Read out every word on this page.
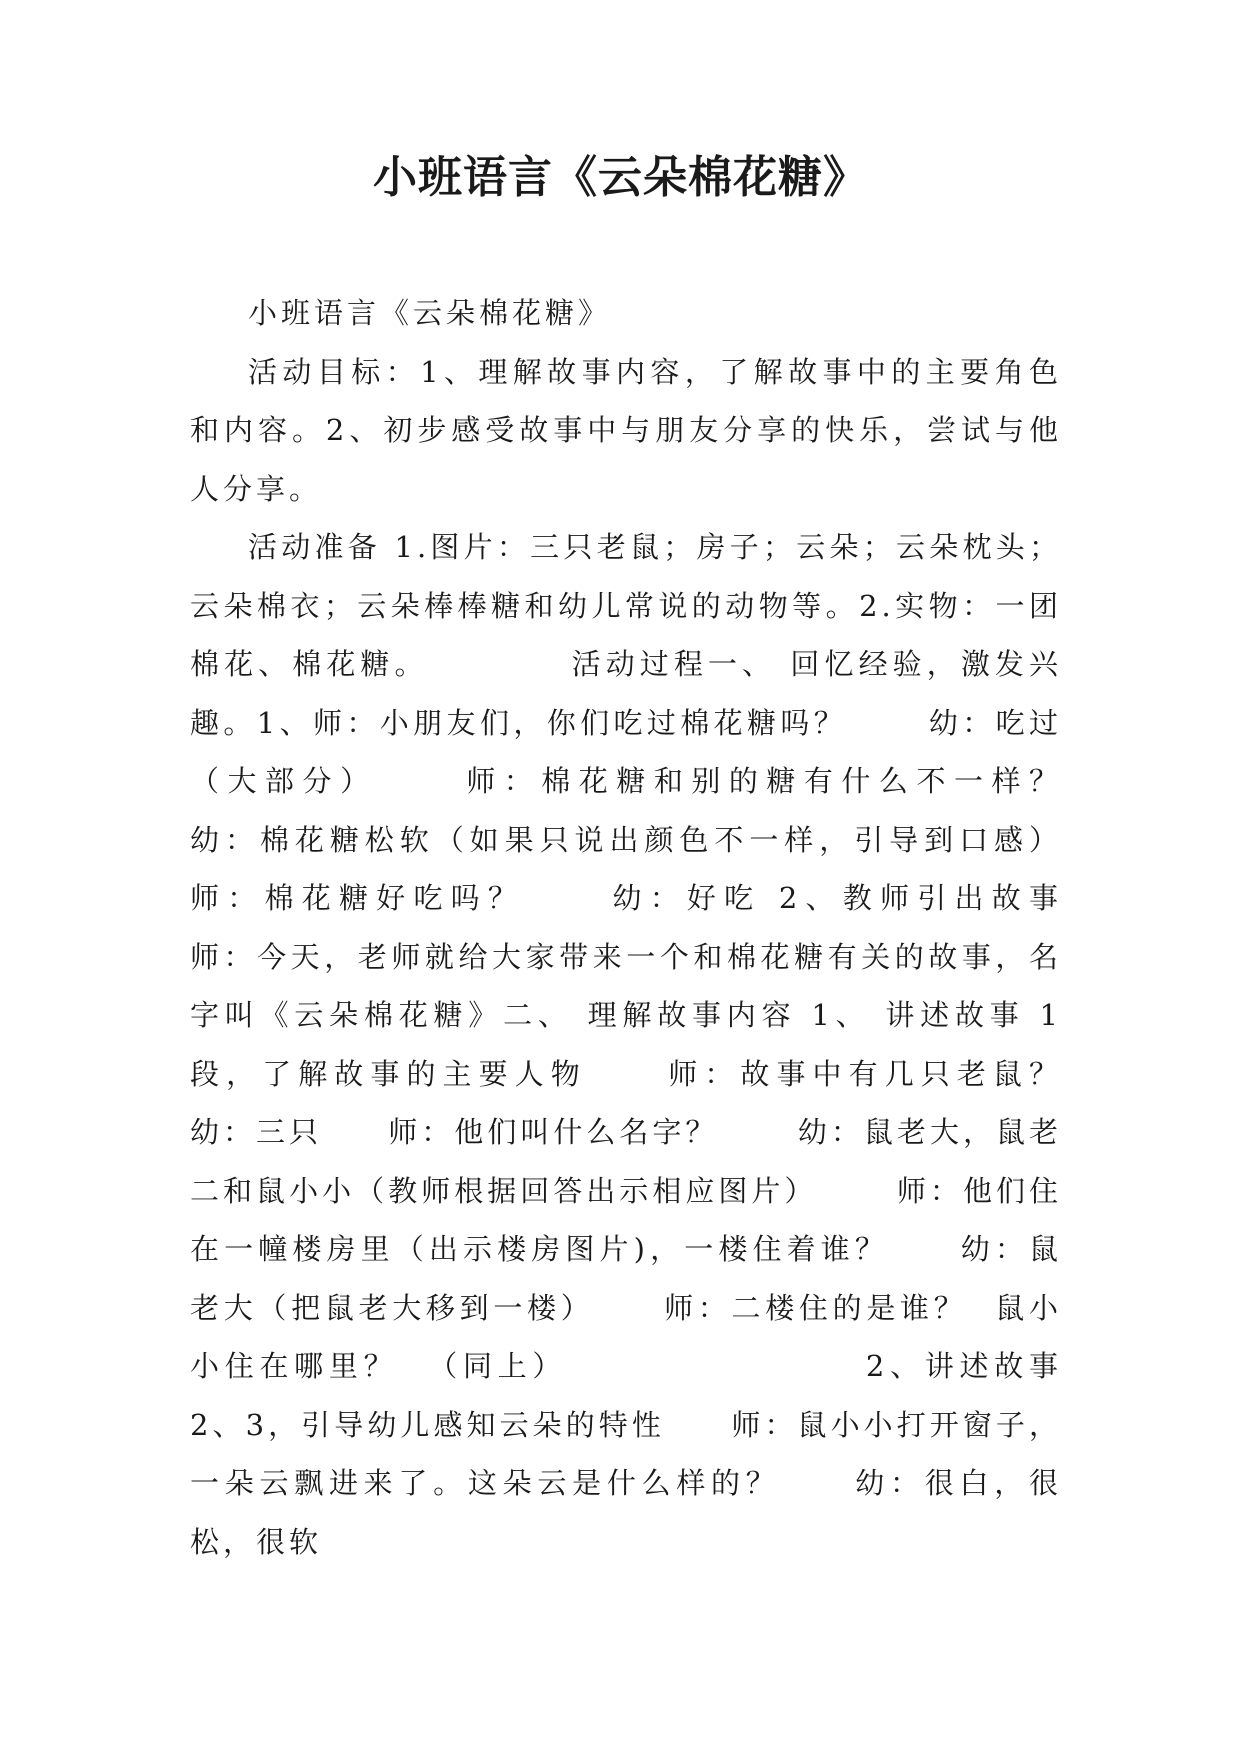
小班语言《云朵棉花糖》

小班语言《云朵棉花糖》

活动目标：1、理解故事内容，了解故事中的主要角色和内容。2、初步感受故事中与朋友分享的快乐，尝试与他人分享。

活动准备 1.图片：三只老鼠；房子；云朵；云朵枕头；云朵棉衣；云朵棒棒糖和幼儿常说的动物等。2.实物：一团棉花、棉花糖。          活动过程一、 回忆经验，激发兴趣。1、师：小朋友们，你们吃过棉花糖吗？      幼：吃过（大部分）     师：棉花糖和别的糖有什么不一样？      幼：棉花糖松软（如果只说出颜色不一样，引导到口感）     师：棉花糖好吃吗？     幼：好吃 2、教师引出故事     师：今天，老师就给大家带来一个和棉花糖有关的故事，名字叫《云朵棉花糖》二、 理解故事内容 1、 讲述故事 1 段，了解故事的主要人物     师：故事中有几只老鼠？     幼：三只     师：他们叫什么名字？      幼：鼠老大，鼠老二和鼠小小（教师根据回答出示相应图片）      师：他们住在一幢楼房里（出示楼房图片)，一楼住着谁？     幼：鼠老大（把鼠老大移到一楼）     师：二楼住的是谁？  鼠小小住在哪里？  （同上）                    2、讲述故事 2、3，引导幼儿感知云朵的特性     师：鼠小小打开窗子，一朵云飘进来了。这朵云是什么样的？     幼：很白，很松，很软
